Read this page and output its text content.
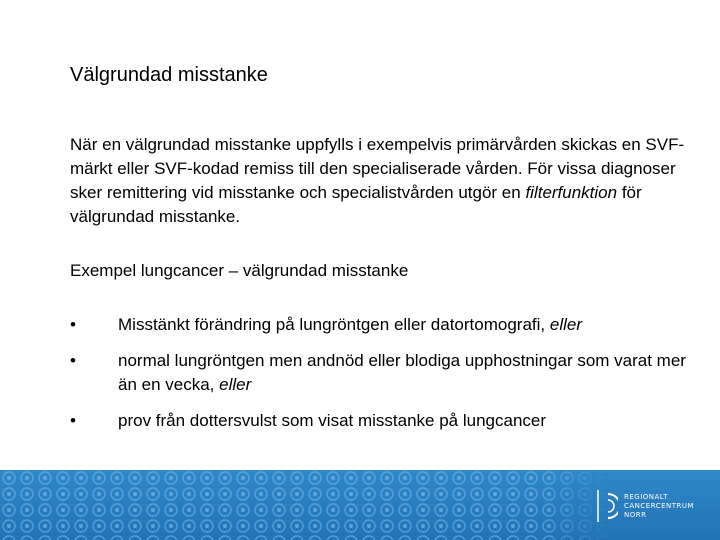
Välgrundad misstanke

När en välgrundad misstanke uppfylls i exempelvis primärvården skickas en SVF-märkt eller SVF-kodad remiss till den specialiserade vården. För vissa diagnoser sker remittering vid misstanke och specialistvården utgör en filterfunktion för välgrundad misstanke.

Exempel lungcancer – välgrundad misstanke
•	Misstänkt förändring på lungröntgen eller datortomografi, eller
•	normal lungröntgen men andnöd eller blodiga upphostningar som varat mer än en vecka, eller
•	prov från dottersvulst som visat misstanke på lungcancer
REGIONALT
CANCERCENTRUM
NORR
